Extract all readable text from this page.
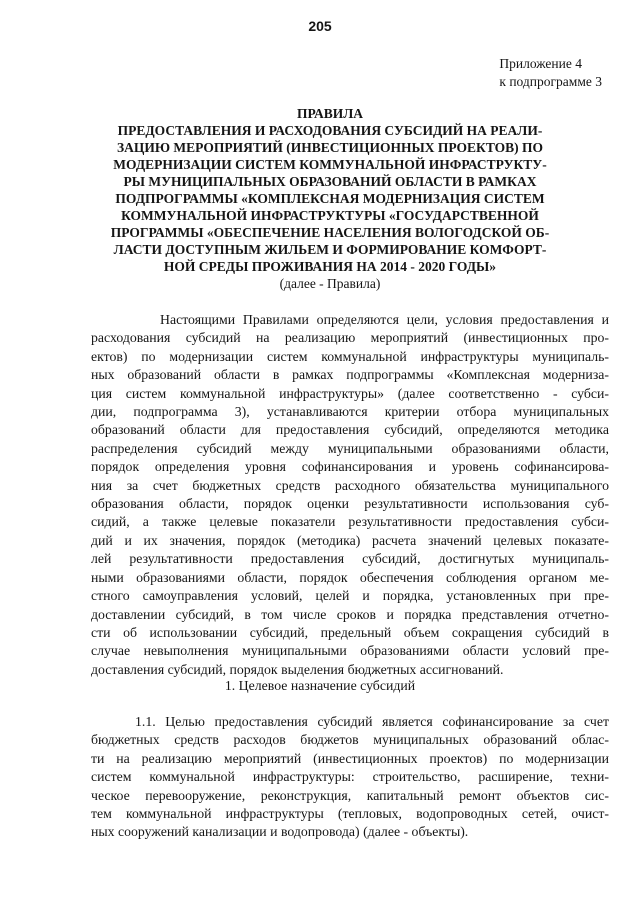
205
Приложение 4
к подпрограмме 3
ПРАВИЛА
ПРЕДОСТАВЛЕНИЯ И РАСХОДОВАНИЯ СУБСИДИЙ НА РЕАЛИ-
ЗАЦИЮ МЕРОПРИЯТИЙ (ИНВЕСТИЦИОННЫХ ПРОЕКТОВ) ПО
МОДЕРНИЗАЦИИ СИСТЕМ КОММУНАЛЬНОЙ ИНФРАСТРУКТУ-
РЫ МУНИЦИПАЛЬНЫХ ОБРАЗОВАНИЙ ОБЛАСТИ В РАМКАХ
ПОДПРОГРАММЫ «КОМПЛЕКСНАЯ МОДЕРНИЗАЦИЯ СИСТЕМ
КОММУНАЛЬНОЙ ИНФРАСТРУКТУРЫ «ГОСУДАРСТВЕННОЙ
ПРОГРАММЫ «ОБЕСПЕЧЕНИЕ НАСЕЛЕНИЯ ВОЛОГОДСКОЙ ОБ-
ЛАСТИ ДОСТУПНЫМ ЖИЛЬЕМ И ФОРМИРОВАНИЕ КОМФОРТ-
НОЙ СРЕДЫ ПРОЖИВАНИЯ НА 2014 - 2020 ГОДЫ»
(далее - Правила)
Настоящими Правилами определяются цели, условия предоставления и
расходования субсидий на реализацию мероприятий (инвестиционных про-
ектов) по модернизации систем коммунальной инфраструктуры муниципаль-
ных образований области в рамках подпрограммы «Комплексная модерниза-
ция систем коммунальной инфраструктуры» (далее соответственно - субси-
дии, подпрограмма 3), устанавливаются критерии отбора муниципальных
образований области для предоставления субсидий, определяются методика
распределения субсидий между муниципальными образованиями области,
порядок определения уровня софинансирования и уровень софинансирова-
ния за счет бюджетных средств расходного обязательства муниципального
образования области, порядок оценки результативности использования суб-
сидий, а также целевые показатели результативности предоставления субси-
дий и их значения, порядок (методика) расчета значений целевых показате-
лей результативности предоставления субсидий, достигнутых муниципаль-
ными образованиями области, порядок обеспечения соблюдения органом ме-
стного самоуправления условий, целей и порядка, установленных при пре-
доставлении субсидий, в том числе сроков и порядка представления отчетно-
сти об использовании субсидий, предельный объем сокращения субсидий в
случае невыполнения муниципальными образованиями области условий пре-
доставления субсидий, порядок выделения бюджетных ассигнований.
1. Целевое назначение субсидий
1.1. Целью предоставления субсидий является софинансирование за счет
бюджетных средств расходов бюджетов муниципальных образований облас-
ти на реализацию мероприятий (инвестиционных проектов) по модернизации
систем коммунальной инфраструктуры: строительство, расширение, техни-
ческое перевооружение, реконструкция, капитальный ремонт объектов сис-
тем коммунальной инфраструктуры (тепловых, водопроводных сетей, очист-
ных сооружений канализации и водопровода) (далее - объекты).
